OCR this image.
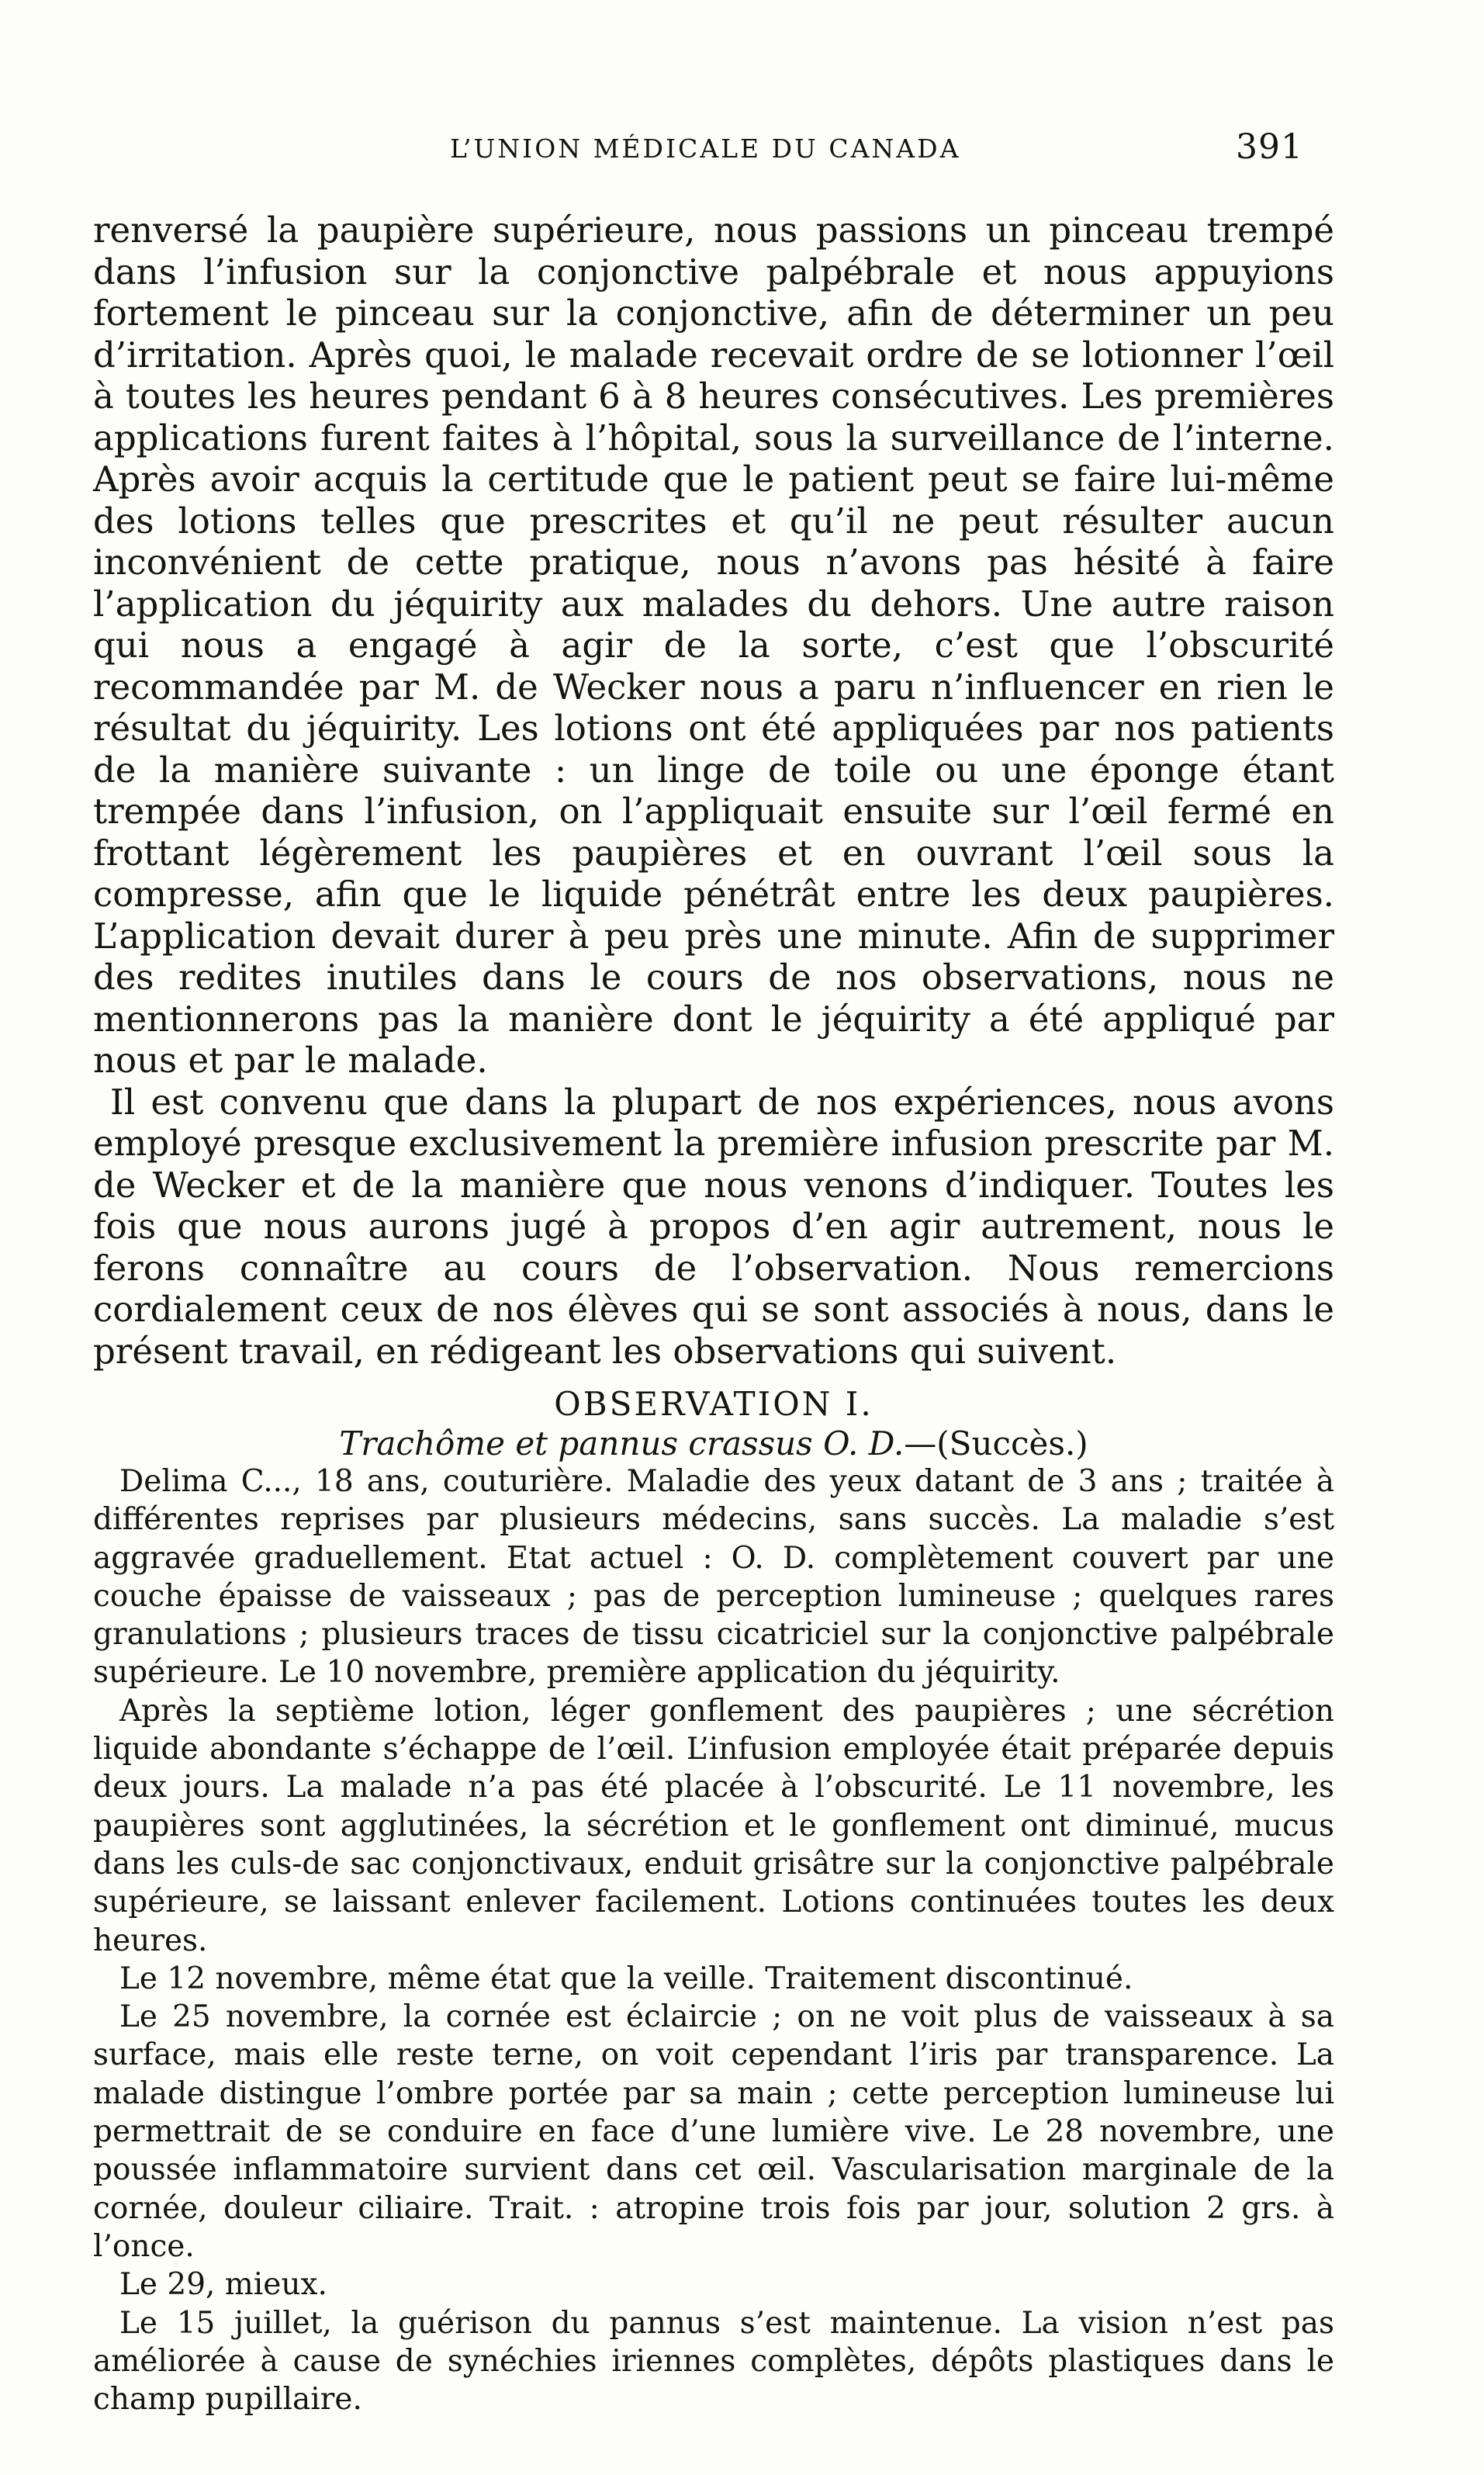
L’UNION MÉDICALE DU CANADA	391

renversé la paupière supérieure, nous passions un pinceau trempé dans l’infusion sur la conjonctive palpébrale et nous appuyions fortement le pinceau sur la conjonctive, afin de déterminer un peu d’irritation. Après quoi, le malade recevait ordre de se lotionner l’œil à toutes les heures pendant 6 à 8 heures consécutives. Les premières applications furent faites à l’hôpital, sous la surveillance de l’interne. Après avoir acquis la certitude que le patient peut se faire lui-même des lotions telles que prescrites et qu’il ne peut résulter aucun inconvénient de cette pratique, nous n’avons pas hésité à faire l’application du jéquirity aux malades du dehors. Une autre raison qui nous a engagé à agir de la sorte, c’est que l’obscurité recommandée par M. de Wecker nous a paru n’influencer en rien le résultat du jéquirity. Les lotions ont été appliquées par nos patients de la manière suivante : un linge de toile ou une éponge étant trempée dans l’infusion, on l’appliquait ensuite sur l’œil fermé en frottant légèrement les paupières et en ouvrant l’œil sous la compresse, afin que le liquide pénétrât entre les deux paupières. L’application devait durer à peu près une minute. Afin de supprimer des redites inutiles dans le cours de nos observations, nous ne mentionnerons pas la manière dont le jéquirity a été appliqué par nous et par le malade.

Il est convenu que dans la plupart de nos expériences, nous avons employé presque exclusivement la première infusion prescrite par M. de Wecker et de la manière que nous venons d’indiquer. Toutes les fois que nous aurons jugé à propos d’en agir autrement, nous le ferons connaître au cours de l’observation. Nous remercions cordialement ceux de nos élèves qui se sont associés à nous, dans le présent travail, en rédigeant les observations qui suivent.

OBSERVATION I.
Trachôme et pannus crassus O. D.—(Succès.)

Delima C..., 18 ans, couturière. Maladie des yeux datant de 3 ans ; traitée à différentes reprises par plusieurs médecins, sans succès. La maladie s’est aggravée graduellement. Etat actuel : O. D. complètement couvert par une couche épaisse de vaisseaux ; pas de perception lumineuse ; quelques rares granulations ; plusieurs traces de tissu cicatriciel sur la conjonctive palpébrale supérieure. Le 10 novembre, première application du jéquirity.

Après la septième lotion, léger gonflement des paupières ; une sécrétion liquide abondante s’échappe de l’œil. L’infusion employée était préparée depuis deux jours. La malade n’a pas été placée à l’obscurité. Le 11 novembre, les paupières sont agglutinées, la sécrétion et le gonflement ont diminué, mucus dans les culs-de sac conjonctivaux, enduit grisâtre sur la conjonctive palpébrale supérieure, se laissant enlever facilement. Lotions continuées toutes les deux heures.

Le 12 novembre, même état que la veille. Traitement discontinué.

Le 25 novembre, la cornée est éclaircie ; on ne voit plus de vaisseaux à sa surface, mais elle reste terne, on voit cependant l’iris par transparence. La malade distingue l’ombre portée par sa main ; cette perception lumineuse lui permettrait de se conduire en face d’une lumière vive. Le 28 novembre, une poussée inflammatoire survient dans cet œil. Vascularisation marginale de la cornée, douleur ciliaire. Trait. : atropine trois fois par jour, solution 2 grs. à l’once.

Le 29, mieux.

Le 15 juillet, la guérison du pannus s’est maintenue. La vision n’est pas améliorée à cause de synéchies iriennes complètes, dépôts plastiques dans le champ pupillaire.
